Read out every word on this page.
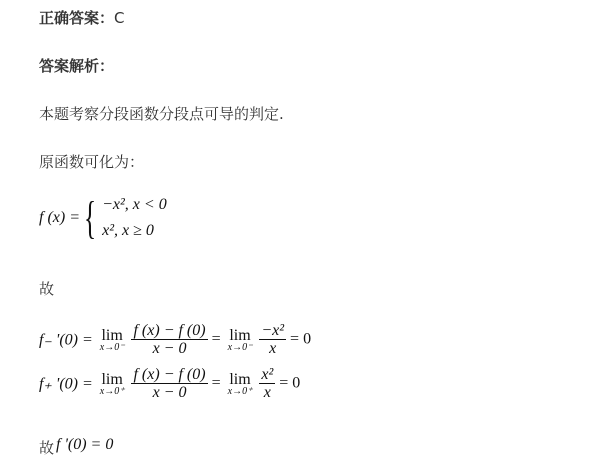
正确答案：C
答案解析：
本题考察分段函数分段点可导的判定.
原函数可化为：
f (x) = { −x², x < 0
x², x ≥ 0
故
f₋ '(0) = lim
x→0⁻
$\frac{f (x) - f (0)}{x - 0} = \lim$
x→0⁻
$\frac{\text{−x²}}{x} = 0$
f₊ '(0) = lim
x→0⁺
$\frac{f (x) - f (0)}{x - 0} = \lim$
x→0⁺
$\frac{\text{x²}}{x} = 0$
故 f '(0) = 0
